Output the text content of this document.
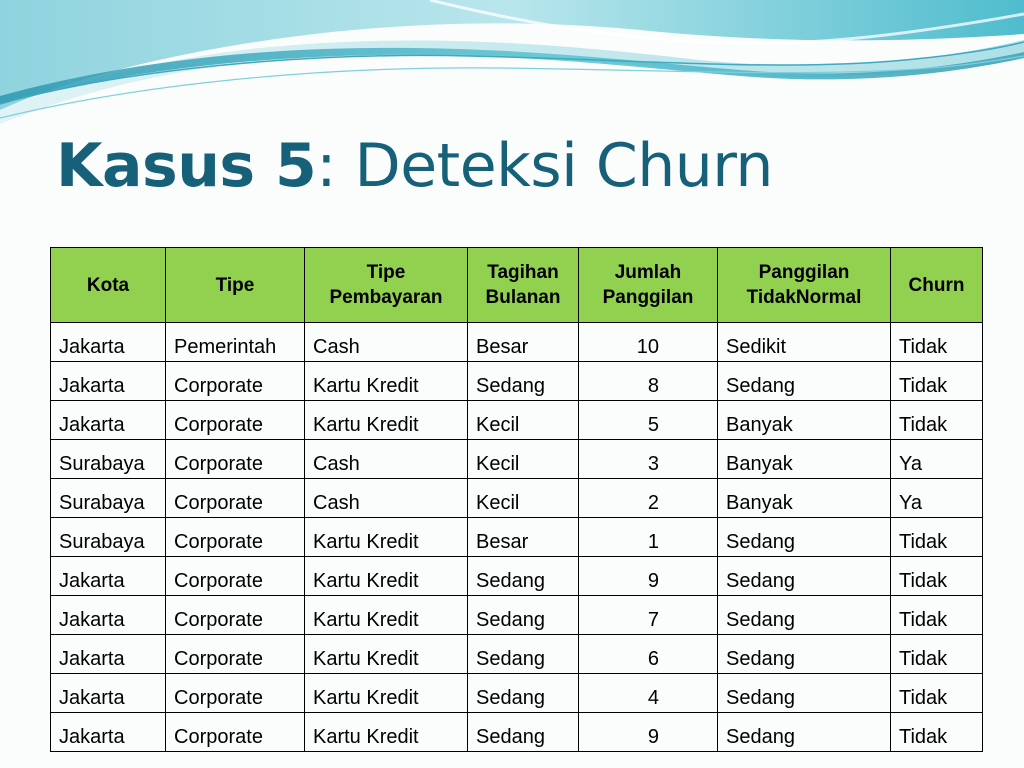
Kasus 5: Deteksi Churn
Kota	Tipe	Tipe Pembayaran	Tagihan Bulanan	Jumlah Panggilan	Panggilan TidakNormal	Churn
Jakarta	Pemerintah	Cash	Besar	10	Sedikit	Tidak
Jakarta	Corporate	Kartu Kredit	Sedang	8	Sedang	Tidak
Jakarta	Corporate	Kartu Kredit	Kecil	5	Banyak	Tidak
Surabaya	Corporate	Cash	Kecil	3	Banyak	Ya
Surabaya	Corporate	Cash	Kecil	2	Banyak	Ya
Surabaya	Corporate	Kartu Kredit	Besar	1	Sedang	Tidak
Jakarta	Corporate	Kartu Kredit	Sedang	9	Sedang	Tidak
Jakarta	Corporate	Kartu Kredit	Sedang	7	Sedang	Tidak
Jakarta	Corporate	Kartu Kredit	Sedang	6	Sedang	Tidak
Jakarta	Corporate	Kartu Kredit	Sedang	4	Sedang	Tidak
Jakarta	Corporate	Kartu Kredit	Sedang	9	Sedang	Tidak
